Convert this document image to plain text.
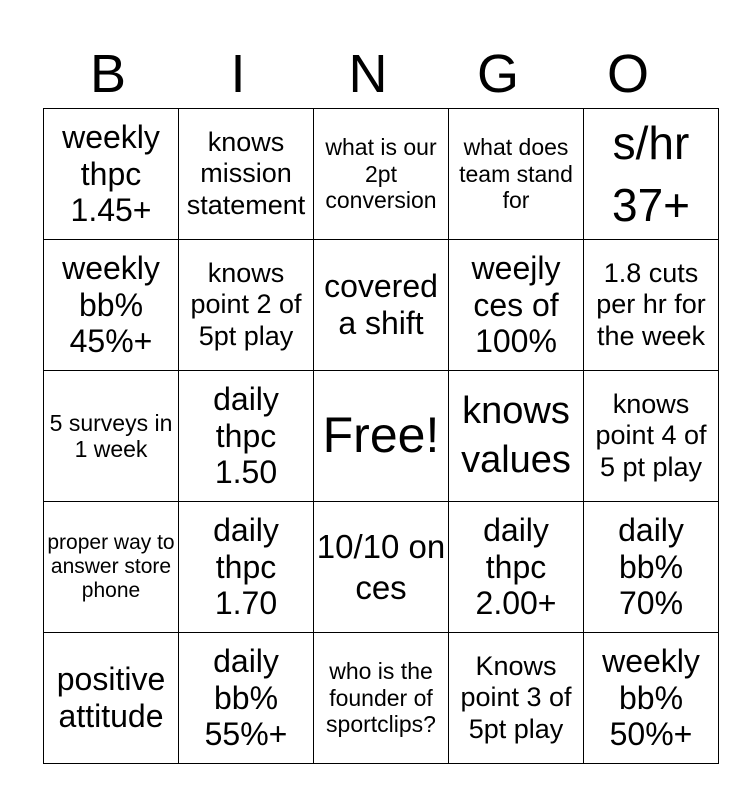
B	I	N	G	O
weekly thpc 1.45+	knows mission statement	what is our 2pt conversion	what does team stand for	s/hr 37+
weekly bb% 45%+	knows point 2 of 5pt play	covered a shift	weejly ces of 100%	1.8 cuts per hr for the week
5 surveys in 1 week	daily thpc 1.50	Free!	knows values	knows point 4 of 5 pt play
proper way to answer store phone	daily thpc 1.70	10/10 on ces	daily thpc 2.00+	daily bb% 70%
positive attitude	daily bb% 55%+	who is the founder of sportclips?	Knows point 3 of 5pt play	weekly bb% 50%+
